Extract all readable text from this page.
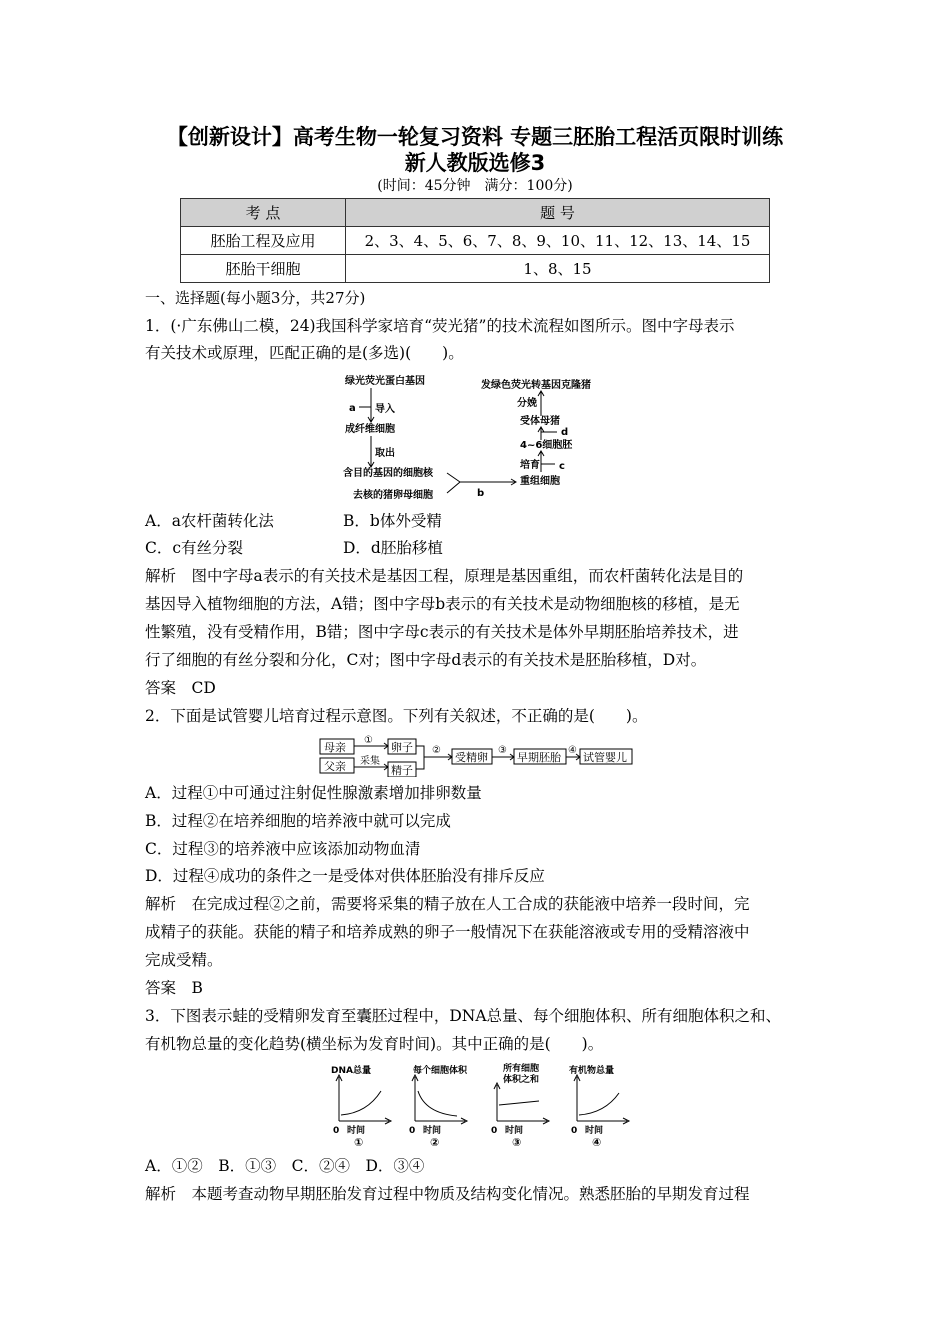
【创新设计】高考生物一轮复习资料 专题三胚胎工程活页限时训练
新人教版选修3
(时间：45分钟　满分：100分)
考 点	题 号
胚胎工程及应用	2、3、4、5、6、7、8、9、10、11、12、13、14、15
胚胎干细胞	1、8、15
一、选择题(每小题3分，共27分)
1．(·广东佛山二模，24)我国科学家培育“荧光猪”的技术流程如图所示。图中字母表示
有关技术或原理，匹配正确的是(多选)(　　)。
绿光荧光蛋白基因
a 导入
成纤维细胞
取出
含目的基因的细胞核
去核的猪卵母细胞	b
重组细胞
培育 c
4~6细胞胚
d
受体母猪
分娩
发绿色荧光转基因克隆猪
A．a农杆菌转化法	B．b体外受精
C．c有丝分裂	D．d胚胎移植
解析　图中字母a表示的有关技术是基因工程，原理是基因重组，而农杆菌转化法是目的
基因导入植物细胞的方法，A错；图中字母b表示的有关技术是动物细胞核的移植，是无
性繁殖，没有受精作用，B错；图中字母c表示的有关技术是体外早期胚胎培养技术，进
行了细胞的有丝分裂和分化，C对；图中字母d表示的有关技术是胚胎移植，D对。
答案　CD
2．下面是试管婴儿培育过程示意图。下列有关叙述，不正确的是(　　)。
母亲
父亲
卵子
精子
受精卵	早期胚胎 试管婴儿
①
采集
②	③	④
A．过程①中可通过注射促性腺激素增加排卵数量
B．过程②在培养细胞的培养液中就可以完成
C．过程③的培养液中应该添加动物血清
D．过程④成功的条件之一是受体对供体胚胎没有排斥反应
解析　在完成过程②之前，需要将采集的精子放在人工合成的获能液中培养一段时间，完
成精子的获能。获能的精子和培养成熟的卵子一般情况下在获能溶液或专用的受精溶液中
完成受精。
答案　B
3．下图表示蛙的受精卵发育至囊胚过程中，DNA总量、每个细胞体积、所有细胞体积之和、
有机物总量的变化趋势(横坐标为发育时间)。其中正确的是(　　)。
DNA总量
0 时间
①
每个细胞体积
0 时间
②
所有细胞
体积之和
0 时间
③
有机物总量
0 时间
④
A．①②　B．①③　C．②④　D．③④
解析　本题考查动物早期胚胎发育过程中物质及结构变化情况。熟悉胚胎的早期发育过程
